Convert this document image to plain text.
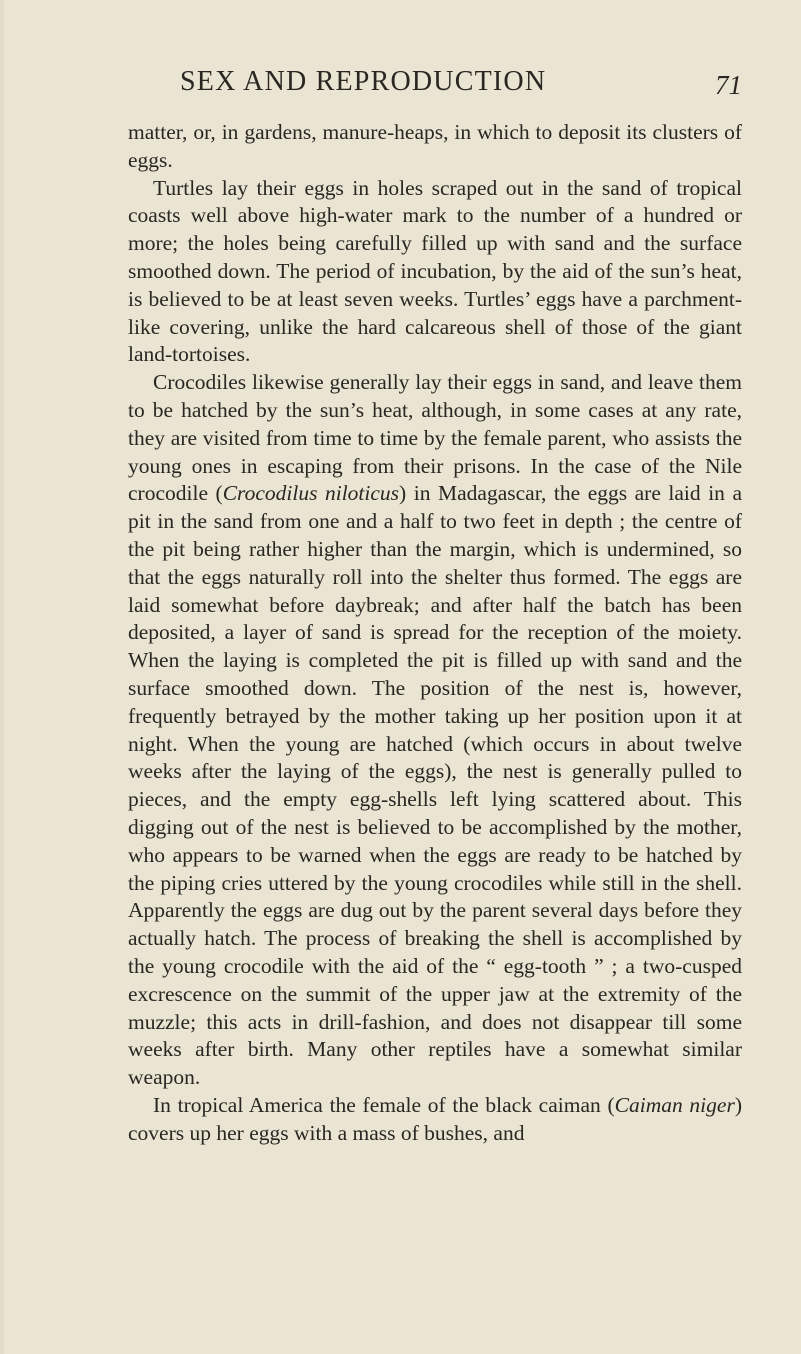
SEX AND REPRODUCTION	71

matter, or, in gardens, manure-heaps, in which to deposit its clusters of eggs.

Turtles lay their eggs in holes scraped out in the sand of tropical coasts well above high-water mark to the number of a hundred or more; the holes being carefully filled up with sand and the surface smoothed down. The period of incubation, by the aid of the sun’s heat, is believed to be at least seven weeks. Turtles’ eggs have a parchment-like covering, unlike the hard calcareous shell of those of the giant land-tortoises.

Crocodiles likewise generally lay their eggs in sand, and leave them to be hatched by the sun’s heat, although, in some cases at any rate, they are visited from time to time by the female parent, who assists the young ones in escaping from their prisons. In the case of the Nile crocodile (Crocodilus niloticus) in Madagascar, the eggs are laid in a pit in the sand from one and a half to two feet in depth ; the centre of the pit being rather higher than the margin, which is undermined, so that the eggs naturally roll into the shelter thus formed. The eggs are laid somewhat before daybreak; and after half the batch has been deposited, a layer of sand is spread for the reception of the moiety. When the laying is completed the pit is filled up with sand and the surface smoothed down. The position of the nest is, however, frequently betrayed by the mother taking up her position upon it at night. When the young are hatched (which occurs in about twelve weeks after the laying of the eggs), the nest is generally pulled to pieces, and the empty egg-shells left lying scattered about. This digging out of the nest is believed to be accomplished by the mother, who appears to be warned when the eggs are ready to be hatched by the piping cries uttered by the young crocodiles while still in the shell. Apparently the eggs are dug out by the parent several days before they actually hatch. The process of breaking the shell is accomplished by the young crocodile with the aid of the “ egg-tooth ” ; a two-cusped excrescence on the summit of the upper jaw at the extremity of the muzzle; this acts in drill-fashion, and does not disappear till some weeks after birth. Many other reptiles have a somewhat similar weapon.

In tropical America the female of the black caiman (Caiman niger) covers up her eggs with a mass of bushes, and
